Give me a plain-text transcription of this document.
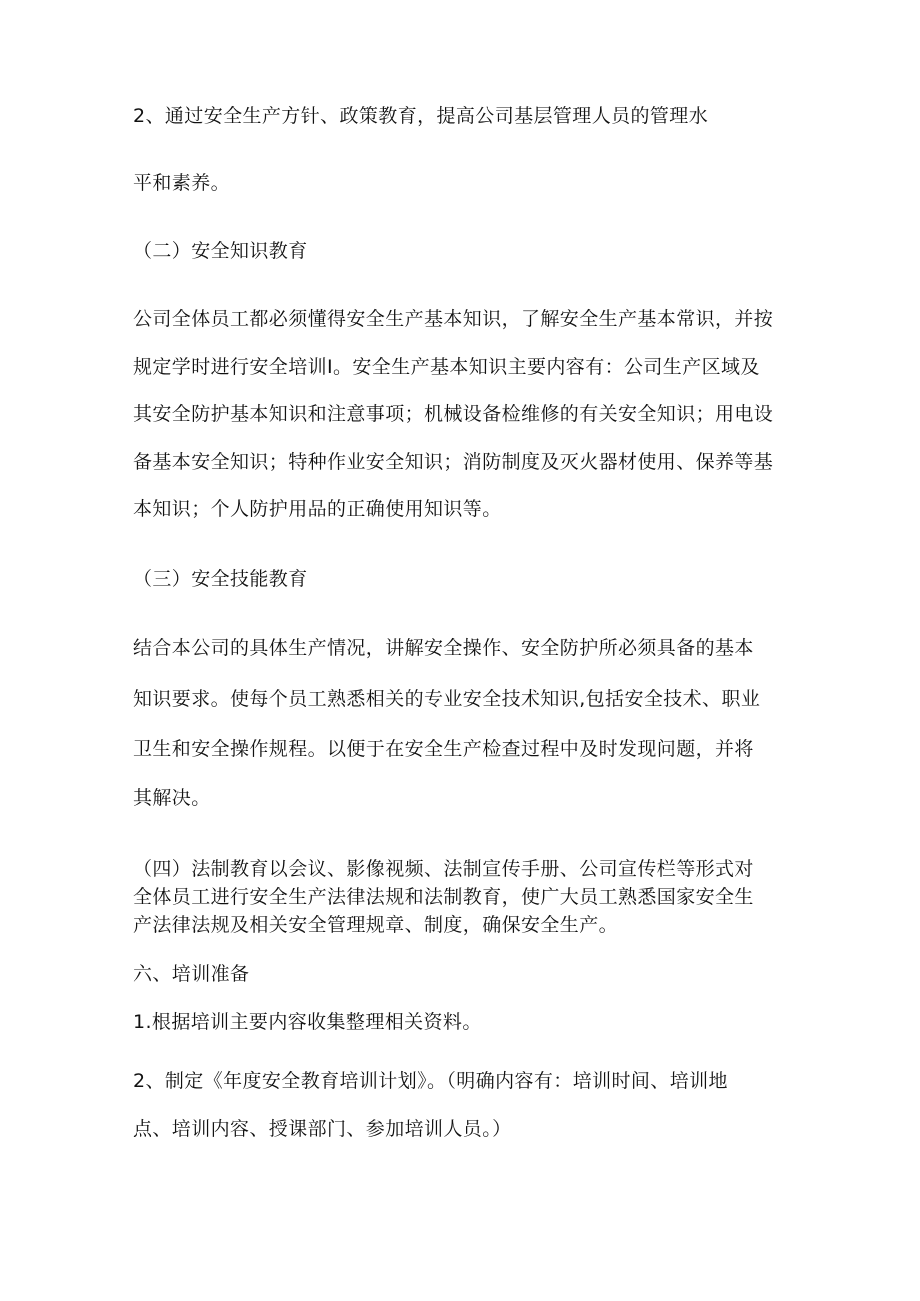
2、通过安全生产方针、政策教育，提高公司基层管理人员的管理水
平和素养。
（二）安全知识教育
公司全体员工都必须懂得安全生产基本知识，了解安全生产基本常识，并按
规定学时进行安全培训I。安全生产基本知识主要内容有：公司生产区域及
其安全防护基本知识和注意事项；机械设备检维修的有关安全知识；用电设
备基本安全知识；特种作业安全知识；消防制度及灭火器材使用、保养等基
本知识；个人防护用品的正确使用知识等。
（三）安全技能教育
结合本公司的具体生产情况，讲解安全操作、安全防护所必须具备的基本
知识要求。使每个员工熟悉相关的专业安全技术知识,包括安全技术、职业
卫生和安全操作规程。以便于在安全生产检查过程中及时发现问题，并将
其解决。
（四）法制教育以会议、影像视频、法制宣传手册、公司宣传栏等形式对
全体员工进行安全生产法律法规和法制教育，使广大员工熟悉国家安全生
产法律法规及相关安全管理规章、制度，确保安全生产。
六、培训准备
1.根据培训主要内容收集整理相关资料。
2、制定《年度安全教育培训计划》。（明确内容有：培训时间、培训地
点、培训内容、授课部门、参加培训人员。）
